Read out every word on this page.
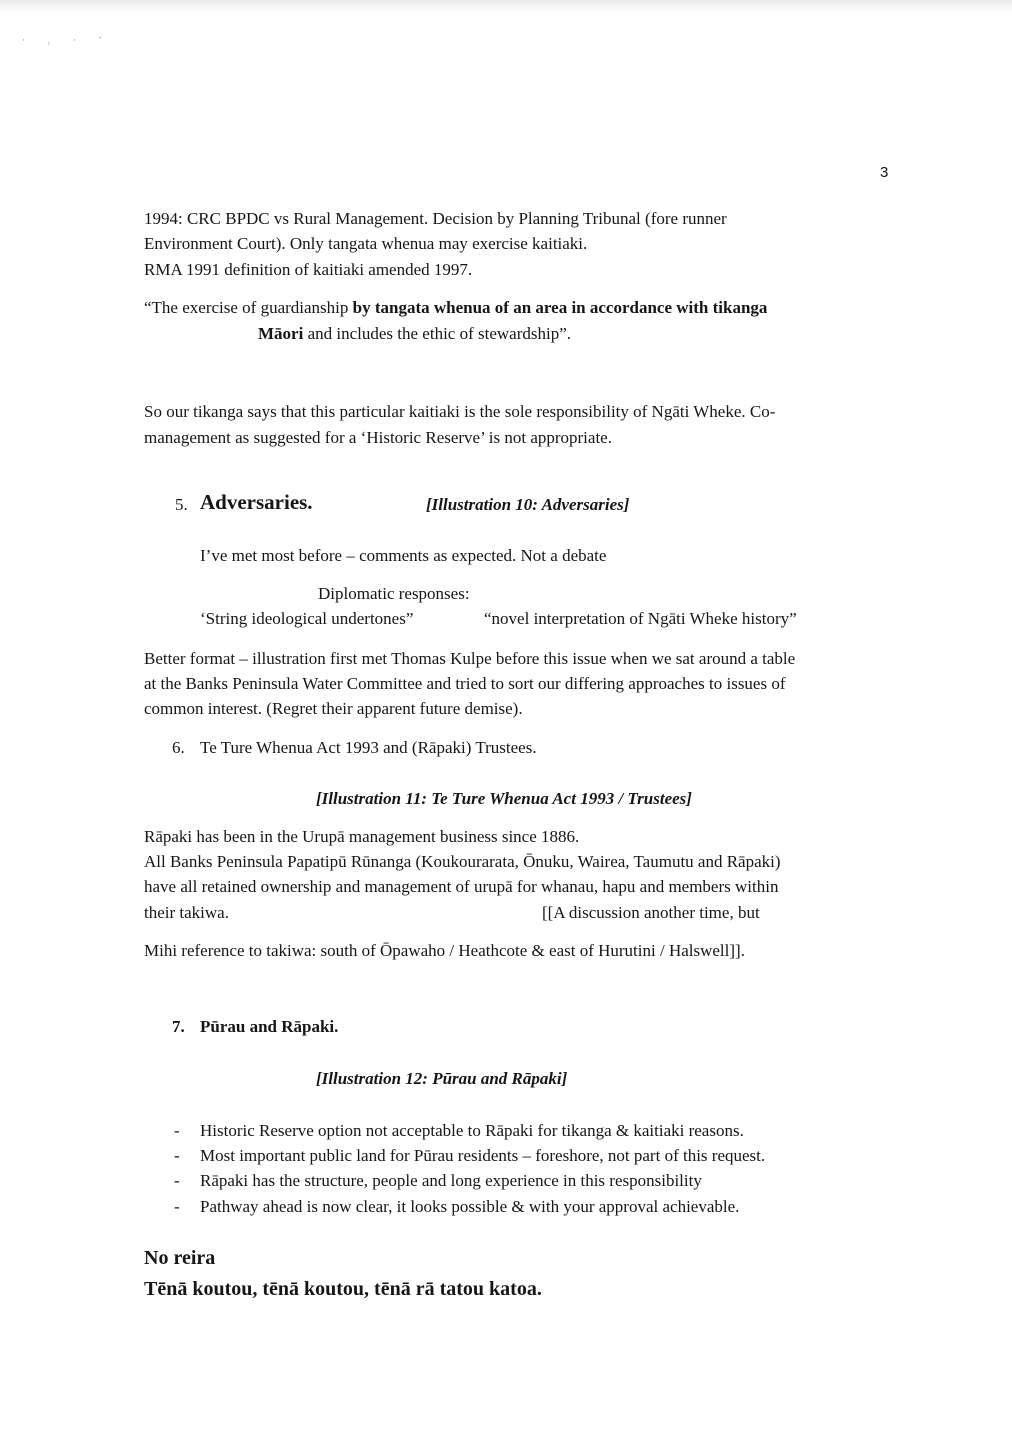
· ˌ · ʻ
3
1994: CRC BPDC vs Rural Management. Decision by Planning Tribunal (fore runner
Environment Court). Only tangata whenua may exercise kaitiaki.
RMA 1991 definition of kaitiaki amended 1997.
“The exercise of guardianship by tangata whenua of an area in accordance with tikanga
Māori and includes the ethic of stewardship”.
So our tikanga says that this particular kaitiaki is the sole responsibility of Ngāti Wheke. Co-
management as suggested for a ‘Historic Reserve’ is not appropriate.
5. Adversaries.	[Illustration 10: Adversaries]
I’ve met most before – comments as expected. Not a debate
Diplomatic responses:
‘String ideological undertones”	“novel interpretation of Ngāti Wheke history”
Better format – illustration first met Thomas Kulpe before this issue when we sat around a table
at the Banks Peninsula Water Committee and tried to sort our differing approaches to issues of
common interest. (Regret their apparent future demise).
6. Te Ture Whenua Act 1993 and (Rāpaki) Trustees.
[Illustration 11: Te Ture Whenua Act 1993 / Trustees]
Rāpaki has been in the Urupā management business since 1886.
All Banks Peninsula Papatipū Rūnanga (Koukourarata, Ōnuku, Wairea, Taumutu and Rāpaki)
have all retained ownership and management of urupā for whanau, hapu and members within
their takiwa.	[[A discussion another time, but
Mihi reference to takiwa: south of Ōpawaho / Heathcote & east of Hurutini / Halswell]].
7. Pūrau and Rāpaki.
[Illustration 12: Pūrau and Rāpaki]
- Historic Reserve option not acceptable to Rāpaki for tikanga & kaitiaki reasons.
- Most important public land for Pūrau residents – foreshore, not part of this request.
- Rāpaki has the structure, people and long experience in this responsibility
- Pathway ahead is now clear, it looks possible & with your approval achievable.
No reira
Tēnā koutou, tēnā koutou, tēnā rā tatou katoa.
